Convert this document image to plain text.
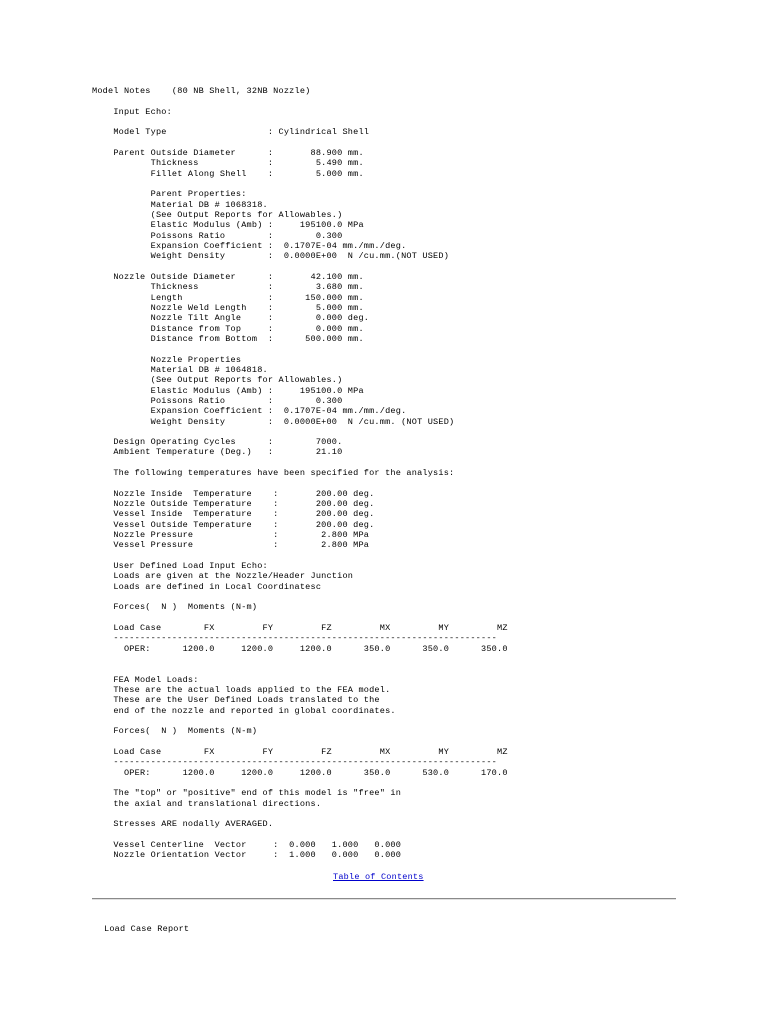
Model Notes    (80 NB Shell, 32NB Nozzle)
Input Echo:
Model Type                   : Cylindrical Shell
Parent Outside Diameter      :       88.900 mm.
Thickness             :        5.490 mm.
Fillet Along Shell    :        5.000 mm.
Parent Properties:
Material DB # 1068318.
(See Output Reports for Allowables.)
Elastic Modulus (Amb) :     195100.0 MPa
Poissons Ratio        :        0.300
Expansion Coefficient :  0.1707E-04 mm./mm./deg.
Weight Density        :  0.0000E+00  N /cu.mm.(NOT USED)
Nozzle Outside Diameter      :       42.100 mm.
Thickness             :        3.680 mm.
Length                :      150.000 mm.
Nozzle Weld Length    :        5.000 mm.
Nozzle Tilt Angle     :        0.000 deg.
Distance from Top     :        0.000 mm.
Distance from Bottom  :      500.000 mm.
Nozzle Properties
Material DB # 1064818.
(See Output Reports for Allowables.)
Elastic Modulus (Amb) :     195100.0 MPa
Poissons Ratio        :        0.300
Expansion Coefficient :  0.1707E-04 mm./mm./deg.
Weight Density        :  0.0000E+00  N /cu.mm. (NOT USED)
Design Operating Cycles      :        7000.
Ambient Temperature (Deg.)   :        21.10
The following temperatures have been specified for the analysis:
Nozzle Inside  Temperature    :       200.00 deg.
Nozzle Outside Temperature    :       200.00 deg.
Vessel Inside  Temperature    :       200.00 deg.
Vessel Outside Temperature    :       200.00 deg.
Nozzle Pressure               :        2.800 MPa
Vessel Pressure               :        2.800 MPa
User Defined Load Input Echo:
Loads are given at the Nozzle/Header Junction
Loads are defined in Local Coordinatesc
Forces(  N )  Moments (N-m)
Load Case        FX         FY         FZ         MX         MY         MZ
------------------------------------------------------------------------
OPER:      1200.0     1200.0     1200.0      350.0      350.0      350.0
FEA Model Loads:
These are the actual loads applied to the FEA model.
These are the User Defined Loads translated to the
end of the nozzle and reported in global coordinates.
Forces(  N )  Moments (N-m)
Load Case        FX         FY         FZ         MX         MY         MZ
------------------------------------------------------------------------
OPER:      1200.0     1200.0     1200.0      350.0      530.0      170.0
The "top" or "positive" end of this model is "free" in
the axial and translational directions.
Stresses ARE nodally AVERAGED.
Vessel Centerline  Vector     :  0.000   1.000   0.000
Nozzle Orientation Vector     :  1.000   0.000   0.000
Table of Contents
Load Case Report
